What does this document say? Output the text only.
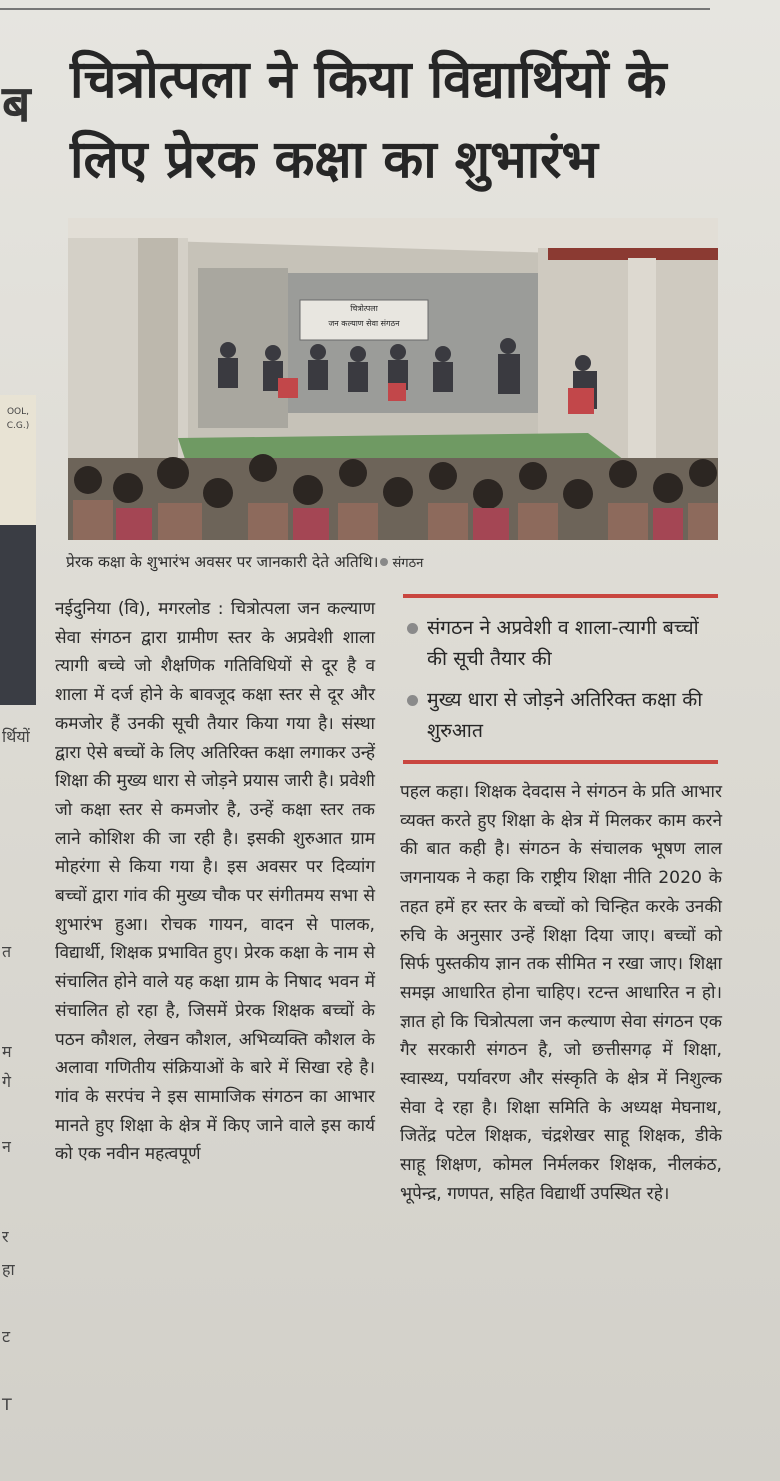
ब
OOL, C.G.)
र्थियों
त
म
गे
न
र
हा
ट
T
चित्रोत्पला ने किया विद्यार्थियों के लिए प्रेरक कक्षा का शुभारंभ
चित्रोत्पला
जन कल्याण सेवा संगठन
प्रेरक कक्षा के शुभारंभ अवसर पर जानकारी देते अतिथि। संगठन

नईदुनिया (वि), मगरलोड : चित्रोत्पला जन कल्याण सेवा संगठन द्वारा ग्रामीण स्तर के अप्रवेशी शाला त्यागी बच्चे जो शैक्षणिक गतिविधियों से दूर है व शाला में दर्ज होने के बावजूद कक्षा स्तर से दूर और कमजोर हैं उनकी सूची तैयार किया गया है। संस्था द्वारा ऐसे बच्चों के लिए अतिरिक्त कक्षा लगाकर उन्हें शिक्षा की मुख्य धारा से जोड़ने प्रयास जारी है। प्रवेशी जो कक्षा स्तर से कमजोर है, उन्हें कक्षा स्तर तक लाने कोशिश की जा रही है। इसकी शुरुआत ग्राम मोहरंगा से किया गया है। इस अवसर पर दिव्यांग बच्चों द्वारा गांव की मुख्य चौक पर संगीतमय सभा से शुभारंभ हुआ। रोचक गायन, वादन से पालक, विद्यार्थी, शिक्षक प्रभावित हुए। प्रेरक कक्षा के नाम से संचालित होने वाले यह कक्षा ग्राम के निषाद भवन में संचालित हो रहा है, जिसमें प्रेरक शिक्षक बच्चों के पठन कौशल, लेखन कौशल, अभिव्यक्ति कौशल के अलावा गणितीय संक्रियाओं के बारे में सिखा रहे है। गांव के सरपंच ने इस सामाजिक संगठन का आभार मानते हुए शिक्षा के क्षेत्र में किए जाने वाले इस कार्य को एक नवीन महत्वपूर्ण

संगठन ने अप्रवेशी व शाला-त्यागी बच्चों की सूची तैयार की
मुख्य धारा से जोड़ने अतिरिक्त कक्षा की शुरुआत

पहल कहा। शिक्षक देवदास ने संगठन के प्रति आभार व्यक्त करते हुए शिक्षा के क्षेत्र में मिलकर काम करने की बात कही है। संगठन के संचालक भूषण लाल जगनायक ने कहा कि राष्ट्रीय शिक्षा नीति 2020 के तहत हमें हर स्तर के बच्चों को चिन्हित करके उनकी रुचि के अनुसार उन्हें शिक्षा दिया जाए। बच्चों को सिर्फ पुस्तकीय ज्ञान तक सीमित न रखा जाए। शिक्षा समझ आधारित होना चाहिए। रटन्त आधारित न हो। ज्ञात हो कि चित्रोत्पला जन कल्याण सेवा संगठन एक गैर सरकारी संगठन है, जो छत्तीसगढ़ में शिक्षा, स्वास्थ्य, पर्यावरण और संस्कृति के क्षेत्र में निशुल्क सेवा दे रहा है। शिक्षा समिति के अध्यक्ष मेघनाथ, जितेंद्र पटेल शिक्षक, चंद्रशेखर साहू शिक्षक, डीके साहू शिक्षण, कोमल निर्मलकर शिक्षक, नीलकंठ, भूपेन्द्र, गणपत, सहित विद्यार्थी उपस्थित रहे।
